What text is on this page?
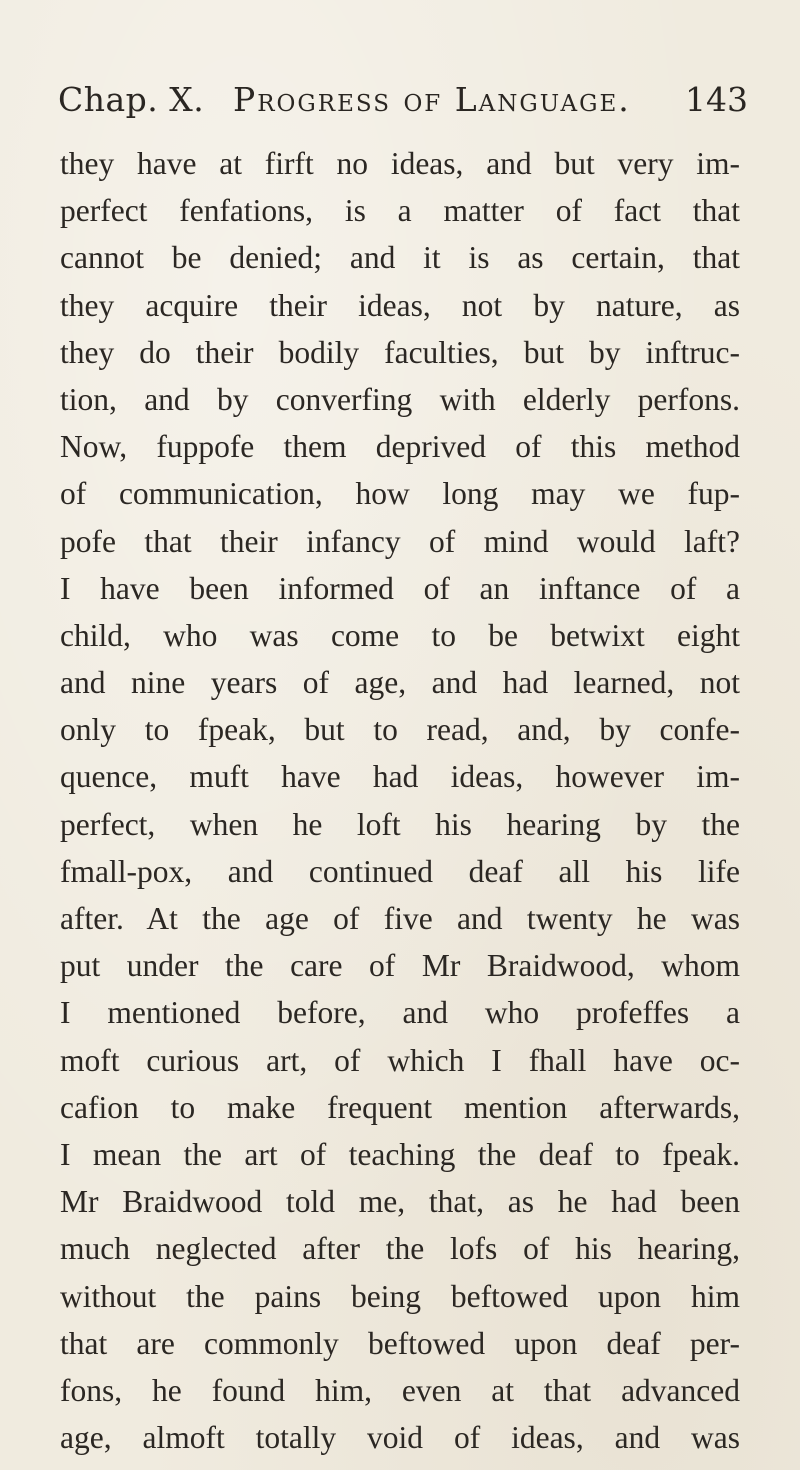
Chap. X. Progress of Language. 143
they have at firft no ideas, and but very im-
perfect fenfations, is a matter of fact that
cannot be denied; and it is as certain, that
they acquire their ideas, not by nature, as
they do their bodily faculties, but by inftruc-
tion, and by converfing with elderly perfons.
Now, fuppofe them deprived of this method
of communication, how long may we fup-
pofe that their infancy of mind would laft?
I have been informed of an inftance of a
child, who was come to be betwixt eight
and nine years of age, and had learned, not
only to fpeak, but to read, and, by confe-
quence, muft have had ideas, however im-
perfect, when he loft his hearing by the
fmall-pox, and continued deaf all his life
after. At the age of five and twenty he was
put under the care of Mr Braidwood, whom
I mentioned before, and who profeffes a
moft curious art, of which I fhall have oc-
cafion to make frequent mention afterwards,
I mean the art of teaching the deaf to fpeak.
Mr Braidwood told me, that, as he had been
much neglected after the lofs of his hearing,
without the pains being beftowed upon him
that are commonly beftowed upon deaf per-
fons, he found him, even at that advanced
age, almoft totally void of ideas, and was
